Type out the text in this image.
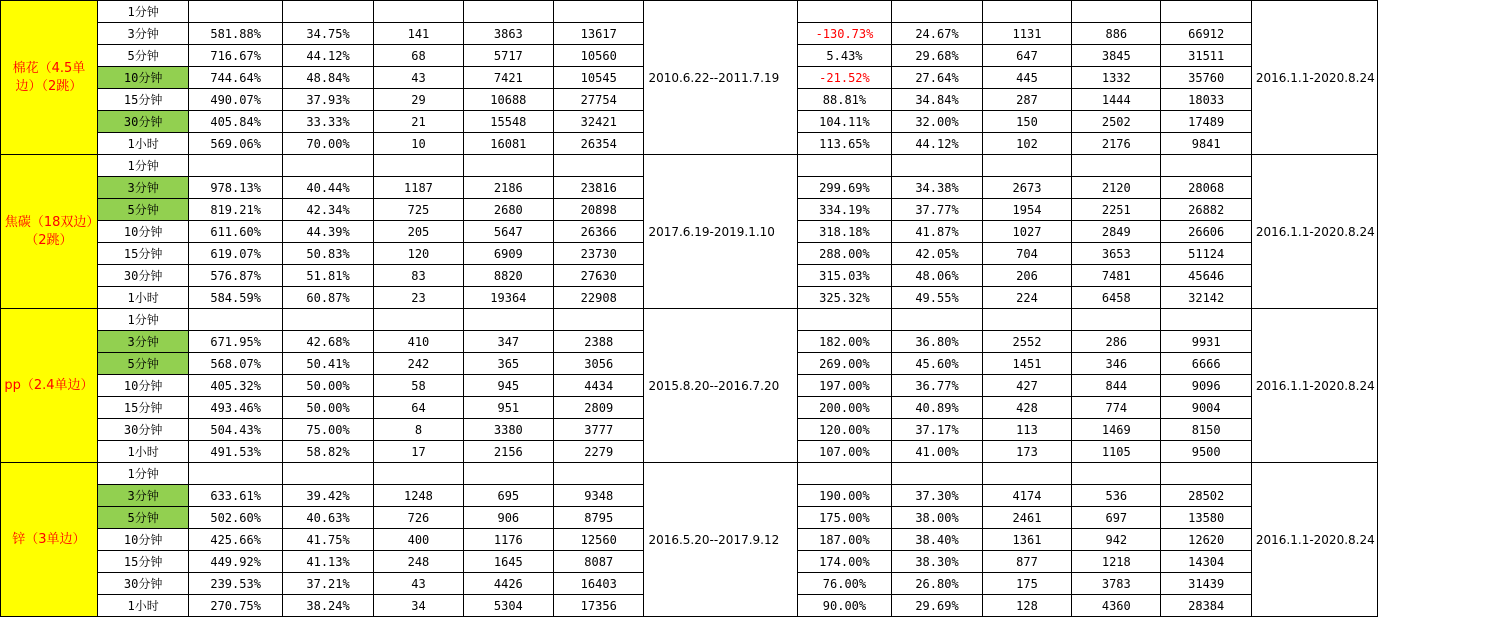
棉花（4.5单边）（2跳）	1分钟						2010.6.22--2011.7.19						2016.1.1-2020.8.24
	3分钟	581.88%	34.75%	141	3863	13617		-130.73%	24.67%	1131	886	66912	
	5分钟	716.67%	44.12%	68	5717	10560		5.43%	29.68%	647	3845	31511	
	10分钟	744.64%	48.84%	43	7421	10545		-21.52%	27.64%	445	1332	35760	
	15分钟	490.07%	37.93%	29	10688	27754		88.81%	34.84%	287	1444	18033	
	30分钟	405.84%	33.33%	21	15548	32421		104.11%	32.00%	150	2502	17489	
	1小时	569.06%	70.00%	10	16081	26354		113.65%	44.12%	102	2176	9841	
焦碳（18双边）（2跳）	1分钟						2017.6.19-2019.1.10						2016.1.1-2020.8.24
	3分钟	978.13%	40.44%	1187	2186	23816		299.69%	34.38%	2673	2120	28068	
	5分钟	819.21%	42.34%	725	2680	20898		334.19%	37.77%	1954	2251	26882	
	10分钟	611.60%	44.39%	205	5647	26366		318.18%	41.87%	1027	2849	26606	
	15分钟	619.07%	50.83%	120	6909	23730		288.00%	42.05%	704	3653	51124	
	30分钟	576.87%	51.81%	83	8820	27630		315.03%	48.06%	206	7481	45646	
	1小时	584.59%	60.87%	23	19364	22908		325.32%	49.55%	224	6458	32142	
pp（2.4单边）	1分钟						2015.8.20--2016.7.20						2016.1.1-2020.8.24
	3分钟	671.95%	42.68%	410	347	2388		182.00%	36.80%	2552	286	9931	
	5分钟	568.07%	50.41%	242	365	3056		269.00%	45.60%	1451	346	6666	
	10分钟	405.32%	50.00%	58	945	4434		197.00%	36.77%	427	844	9096	
	15分钟	493.46%	50.00%	64	951	2809		200.00%	40.89%	428	774	9004	
	30分钟	504.43%	75.00%	8	3380	3777		120.00%	37.17%	113	1469	8150	
	1小时	491.53%	58.82%	17	2156	2279		107.00%	41.00%	173	1105	9500	
锌（3单边）	1分钟						2016.5.20--2017.9.12						2016.1.1-2020.8.24
	3分钟	633.61%	39.42%	1248	695	9348		190.00%	37.30%	4174	536	28502	
	5分钟	502.60%	40.63%	726	906	8795		175.00%	38.00%	2461	697	13580	
	10分钟	425.66%	41.75%	400	1176	12560		187.00%	38.40%	1361	942	12620	
	15分钟	449.92%	41.13%	248	1645	8087		174.00%	38.30%	877	1218	14304	
	30分钟	239.53%	37.21%	43	4426	16403		76.00%	26.80%	175	3783	31439	
	1小时	270.75%	38.24%	34	5304	17356		90.00%	29.69%	128	4360	28384	
